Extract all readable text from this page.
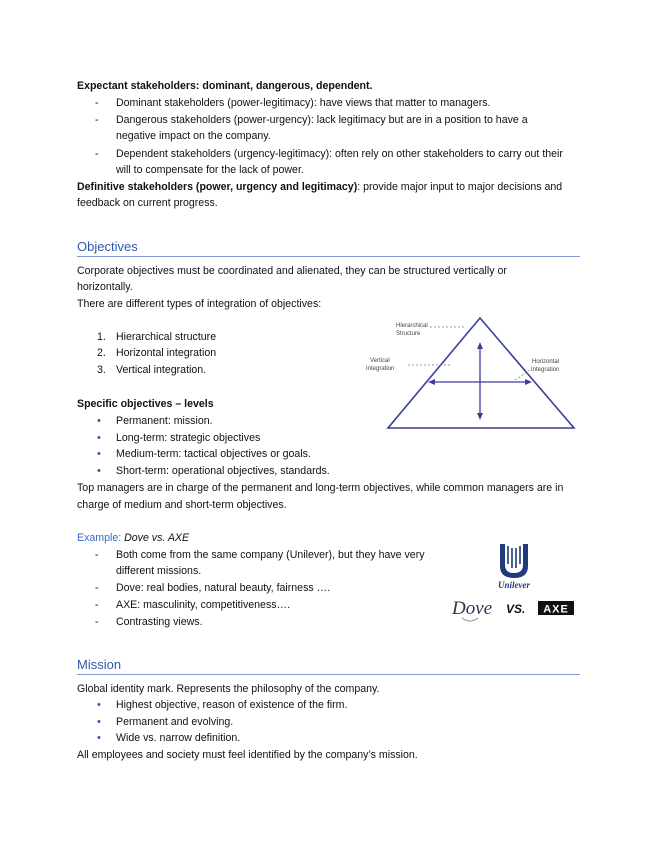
Expectant stakeholders: dominant, dangerous, dependent.
- Dominant stakeholders (power-legitimacy): have views that matter to managers.
- Dangerous stakeholders (power-urgency): lack legitimacy but are in a position to have a
negative impact on the company.
- Dependent stakeholders (urgency-legitimacy): often rely on other stakeholders to carry out their
will to compensate for the lack of power.
Definitive stakeholders (power, urgency and legitimacy): provide major input to major decisions and
feedback on current progress.
Objectives
Corporate objectives must be coordinated and alienated, they can be structured vertically or
horizontally.
There are different types of integration of objectives:
1. Hierarchical structure
2. Horizontal integration
3. Vertical integration.
Hierarchical
Structure
Vertical
Integration
Horizontal
Integration
Specific objectives – levels
• Permanent: mission.
• Long-term: strategic objectives
• Medium-term: tactical objectives or goals.
• Short-term: operational objectives, standards.
Top managers are in charge of the permanent and long-term objectives, while common managers are in
charge of medium and short-term objectives.
Example: Dove vs. AXE
- Both come from the same company (Unilever), but they have very
different missions.
- Dove: real bodies, natural beauty, fairness ….
- AXE: masculinity, competitiveness….
- Contrasting views.
Unilever
Dove VS. AXE
Mission
Global identity mark. Represents the philosophy of the company.
• Highest objective, reason of existence of the firm.
• Permanent and evolving.
• Wide vs. narrow definition.
All employees and society must feel identified by the company’s mission.
